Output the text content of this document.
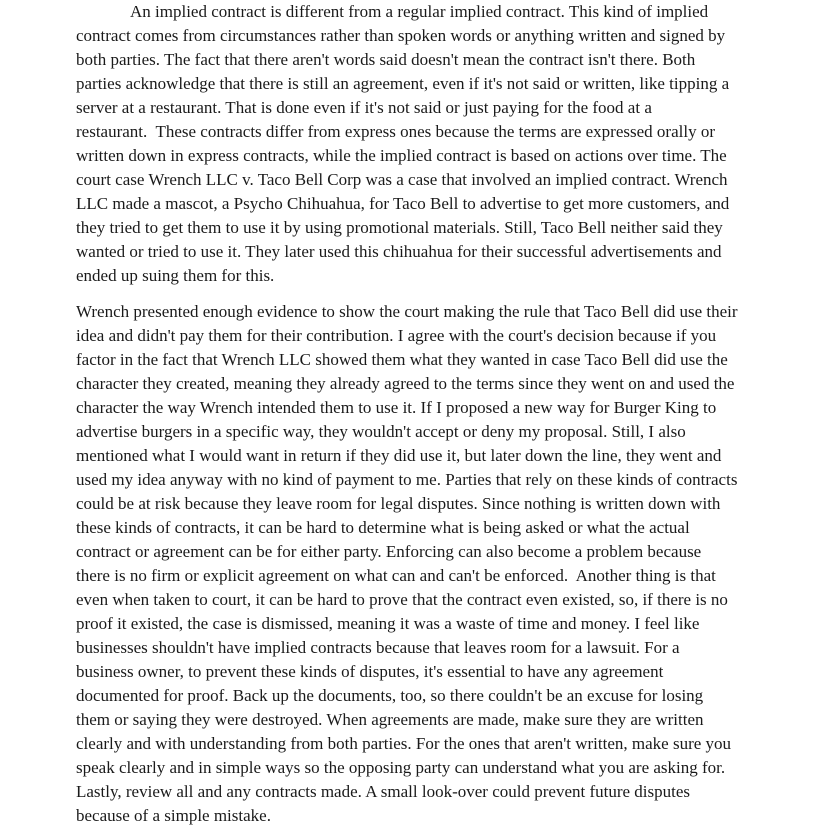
An implied contract is different from a regular implied contract. This kind of implied
contract comes from circumstances rather than spoken words or anything written and signed by
both parties. The fact that there aren't words said doesn't mean the contract isn't there. Both
parties acknowledge that there is still an agreement, even if it's not said or written, like tipping a
server at a restaurant. That is done even if it's not said or just paying for the food at a
restaurant.  These contracts differ from express ones because the terms are expressed orally or
written down in express contracts, while the implied contract is based on actions over time. The
court case Wrench LLC v. Taco Bell Corp was a case that involved an implied contract. Wrench
LLC made a mascot, a Psycho Chihuahua, for Taco Bell to advertise to get more customers, and
they tried to get them to use it by using promotional materials. Still, Taco Bell neither said they
wanted or tried to use it. They later used this chihuahua for their successful advertisements and
ended up suing them for this.
Wrench presented enough evidence to show the court making the rule that Taco Bell did use their
idea and didn't pay them for their contribution. I agree with the court's decision because if you
factor in the fact that Wrench LLC showed them what they wanted in case Taco Bell did use the
character they created, meaning they already agreed to the terms since they went on and used the
character the way Wrench intended them to use it. If I proposed a new way for Burger King to
advertise burgers in a specific way, they wouldn't accept or deny my proposal. Still, I also
mentioned what I would want in return if they did use it, but later down the line, they went and
used my idea anyway with no kind of payment to me. Parties that rely on these kinds of contracts
could be at risk because they leave room for legal disputes. Since nothing is written down with
these kinds of contracts, it can be hard to determine what is being asked or what the actual
contract or agreement can be for either party. Enforcing can also become a problem because
there is no firm or explicit agreement on what can and can't be enforced.  Another thing is that
even when taken to court, it can be hard to prove that the contract even existed, so, if there is no
proof it existed, the case is dismissed, meaning it was a waste of time and money. I feel like
businesses shouldn't have implied contracts because that leaves room for a lawsuit. For a
business owner, to prevent these kinds of disputes, it's essential to have any agreement
documented for proof. Back up the documents, too, so there couldn't be an excuse for losing
them or saying they were destroyed. When agreements are made, make sure they are written
clearly and with understanding from both parties. For the ones that aren't written, make sure you
speak clearly and in simple ways so the opposing party can understand what you are asking for.
Lastly, review all and any contracts made. A small look-over could prevent future disputes
because of a simple mistake.
